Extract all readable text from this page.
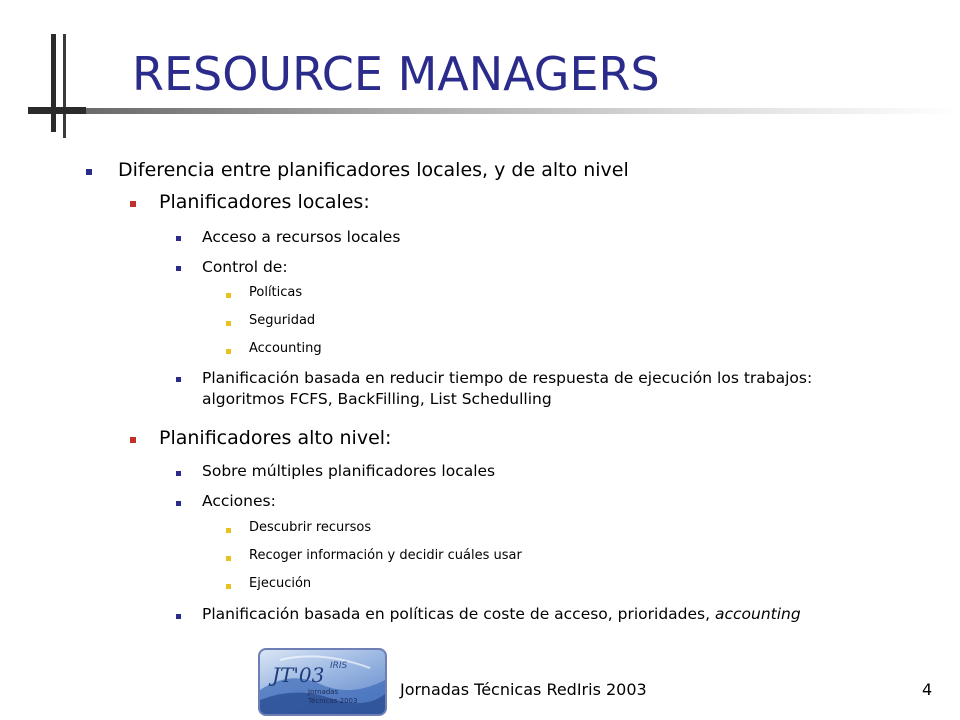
RESOURCE MANAGERS
Diferencia entre planificadores locales, y de alto nivel
Planificadores locales:
Acceso a recursos locales
Control de:
Políticas
Seguridad
Accounting
Planificación basada en reducir tiempo de respuesta de ejecución los trabajos: algoritmos FCFS, BackFilling, List Schedulling
Planificadores alto nivel:
Sobre múltiples planificadores locales
Acciones:
Descubrir recursos
Recoger información y decidir cuáles usar
Ejecución
Planificación basada en políticas de coste de acceso, prioridades, accounting
JT'03
Jornadas
Técnicas 2003
IRIS
Jornadas Técnicas RedIris 2003	4
